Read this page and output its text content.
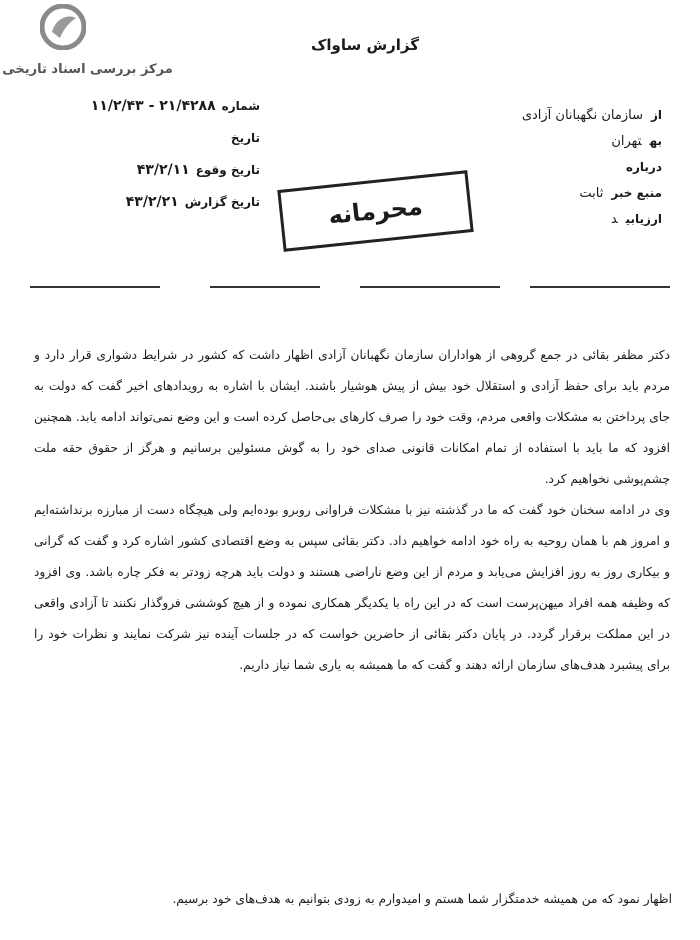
مرکز بررسی اسناد تاریخی
گزارش ساواک
ازسازمان نگهبانان آزادی
بهتهران
درباره
منبع خبرثابت
ارزیابید
شماره۲۱/۴۲۸۸ - ۱۱/۲/۴۳
تاریخ
تاریخ وقوع۴۳/۲/۱۱
تاریخ گزارش۴۳/۲/۲۱	محرمانه

دکتر مظفر بقائی در جمع گروهی از هواداران سازمان نگهبانان آزادی اظهار داشت که کشور در شرایط دشواری قرار دارد و مردم باید برای حفظ آزادی و استقلال خود بیش از پیش هوشیار باشند. ایشان با اشاره به رویدادهای اخیر گفت که دولت به جای پرداختن به مشکلات واقعی مردم، وقت خود را صرف کارهای بی‌حاصل کرده است و این وضع نمی‌تواند ادامه یابد. همچنین افزود که ما باید با استفاده از تمام امکانات قانونی صدای خود را به گوش مسئولین برسانیم و هرگز از حقوق حقه ملت چشم‌پوشی نخواهیم کرد.

وی در ادامه سخنان خود گفت که ما در گذشته نیز با مشکلات فراوانی روبرو بوده‌ایم ولی هیچگاه دست از مبارزه برنداشته‌ایم و امروز هم با همان روحیه به راه خود ادامه خواهیم داد. دکتر بقائی سپس به وضع اقتصادی کشور اشاره کرد و گفت که گرانی و بیکاری روز به روز افزایش می‌یابد و مردم از این وضع ناراضی هستند و دولت باید هرچه زودتر به فکر چاره باشد. وی افزود که وظیفه همه افراد میهن‌پرست است که در این راه با یکدیگر همکاری نموده و از هیچ کوششی فروگذار نکنند تا آزادی واقعی در این مملکت برقرار گردد. در پایان دکتر بقائی از حاضرین خواست که در جلسات آینده نیز شرکت نمایند و نظرات خود را برای پیشبرد هدف‌های سازمان ارائه دهند و گفت که ما همیشه به یاری شما نیاز داریم.

اظهار نمود که من همیشه خدمتگزار شما هستم و امیدوارم به زودی بتوانیم به هدف‌های خود برسیم.
